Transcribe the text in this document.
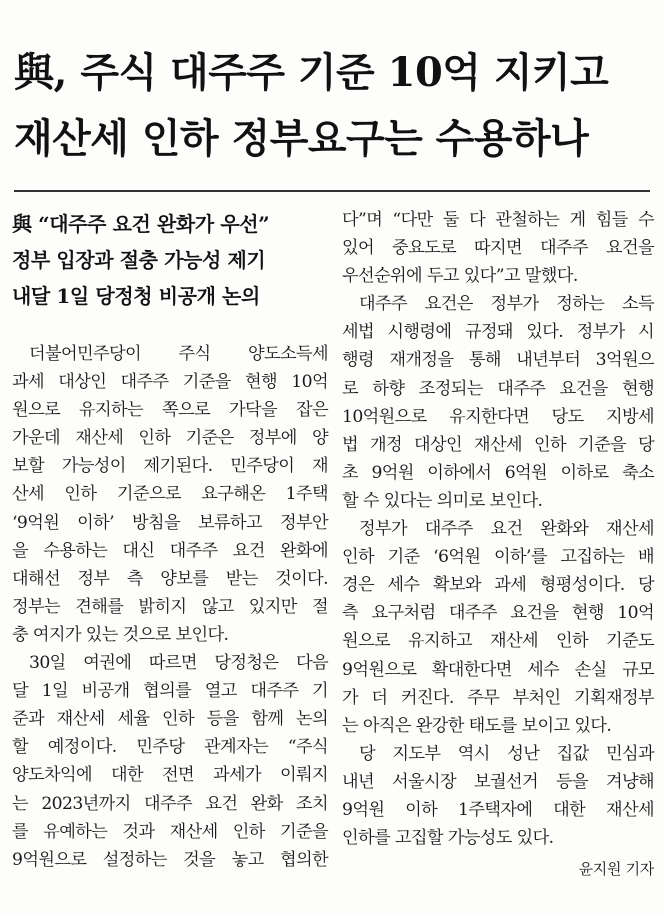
與, 주식 대주주 기준 10억 지키고
재산세 인하 정부요구는 수용하나
與 “대주주 요건 완화가 우선”
정부 입장과 절충 가능성 제기
내달 1일 당정청 비공개 논의
더불어민주당이 주식 양도소득세
과세 대상인 대주주 기준을 현행 10억
원으로 유지하는 쪽으로 가닥을 잡은
가운데 재산세 인하 기준은 정부에 양
보할 가능성이 제기된다. 민주당이 재
산세 인하 기준으로 요구해온 1주택
‘9억원 이하’ 방침을 보류하고 정부안
을 수용하는 대신 대주주 요건 완화에
대해선 정부 측 양보를 받는 것이다.
정부는 견해를 밝히지 않고 있지만 절
충 여지가 있는 것으로 보인다.
30일 여권에 따르면 당정청은 다음
달 1일 비공개 협의를 열고 대주주 기
준과 재산세 세율 인하 등을 함께 논의
할 예정이다. 민주당 관계자는 “주식
양도차익에 대한 전면 과세가 이뤄지
는 2023년까지 대주주 요건 완화 조치
를 유예하는 것과 재산세 인하 기준을
9억원으로 설정하는 것을 놓고 협의한
다”며 “다만 둘 다 관철하는 게 힘들 수
있어 중요도로 따지면 대주주 요건을
우선순위에 두고 있다”고 말했다.
대주주 요건은 정부가 정하는 소득
세법 시행령에 규정돼 있다. 정부가 시
행령 재개정을 통해 내년부터 3억원으
로 하향 조정되는 대주주 요건을 현행
10억원으로 유지한다면 당도 지방세
법 개정 대상인 재산세 인하 기준을 당
초 9억원 이하에서 6억원 이하로 축소
할 수 있다는 의미로 보인다.
정부가 대주주 요건 완화와 재산세
인하 기준 ‘6억원 이하’를 고집하는 배
경은 세수 확보와 과세 형평성이다. 당
측 요구처럼 대주주 요건을 현행 10억
원으로 유지하고 재산세 인하 기준도
9억원으로 확대한다면 세수 손실 규모
가 더 커진다. 주무 부처인 기획재정부
는 아직은 완강한 태도를 보이고 있다.
당 지도부 역시 성난 집값 민심과
내년 서울시장 보궐선거 등을 겨냥해
9억원 이하 1주택자에 대한 재산세
인하를 고집할 가능성도 있다.
윤지원 기자
